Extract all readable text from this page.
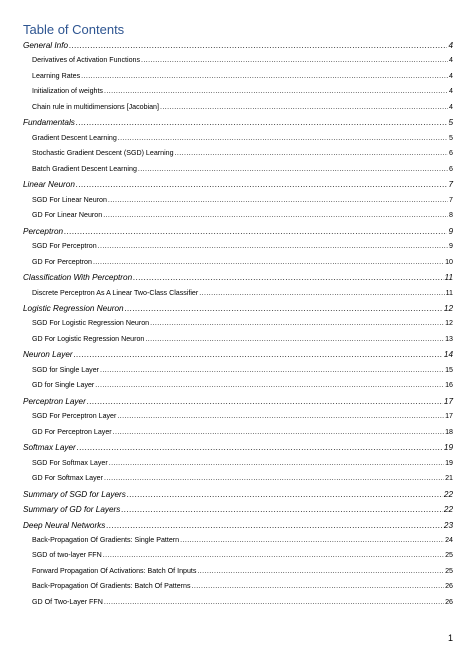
Table of Contents
General Info .....	4
Derivatives of Activation Functions .....	4
Learning Rates .....	4
Initialization of weights .....	4
Chain rule in multidimensions [Jacobian] .....	4
Fundamentals .....	5
Gradient Descent Learning .....	5
Stochastic Gradient Descent (SGD) Learning .....	6
Batch Gradient Descent Learning .....	6
Linear Neuron .....	7
SGD For Linear Neuron .....	7
GD For Linear Neuron .....	8
Perceptron .....	9
SGD For Perceptron .....	9
GD For Perceptron .....	10
Classification With Perceptron .....	11
Discrete Perceptron As A Linear Two-Class Classifier .....	11
Logistic Regression Neuron .....	12
SGD For Logistic Regression Neuron .....	12
GD For Logistic Regression Neuron .....	13
Neuron Layer .....	14
SGD for Single Layer .....	15
GD for Single Layer .....	16
Perceptron Layer .....	17
SGD For Perceptron Layer .....	17
GD For Perceptron Layer .....	18
Softmax Layer .....	19
SGD For Softmax Layer .....	19
GD For Softmax Layer .....	21
Summary of SGD for Layers .....	22
Summary of GD for Layers .....	22
Deep Neural Networks .....	23
Back-Propagation Of Gradients: Single Pattern .....	24
SGD of two-layer FFN .....	25
Forward Propagation Of Activations: Batch Of Inputs .....	25
Back-Propagation Of Gradients: Batch Of Patterns .....	26
GD Of Two-Layer FFN .....	26
1
